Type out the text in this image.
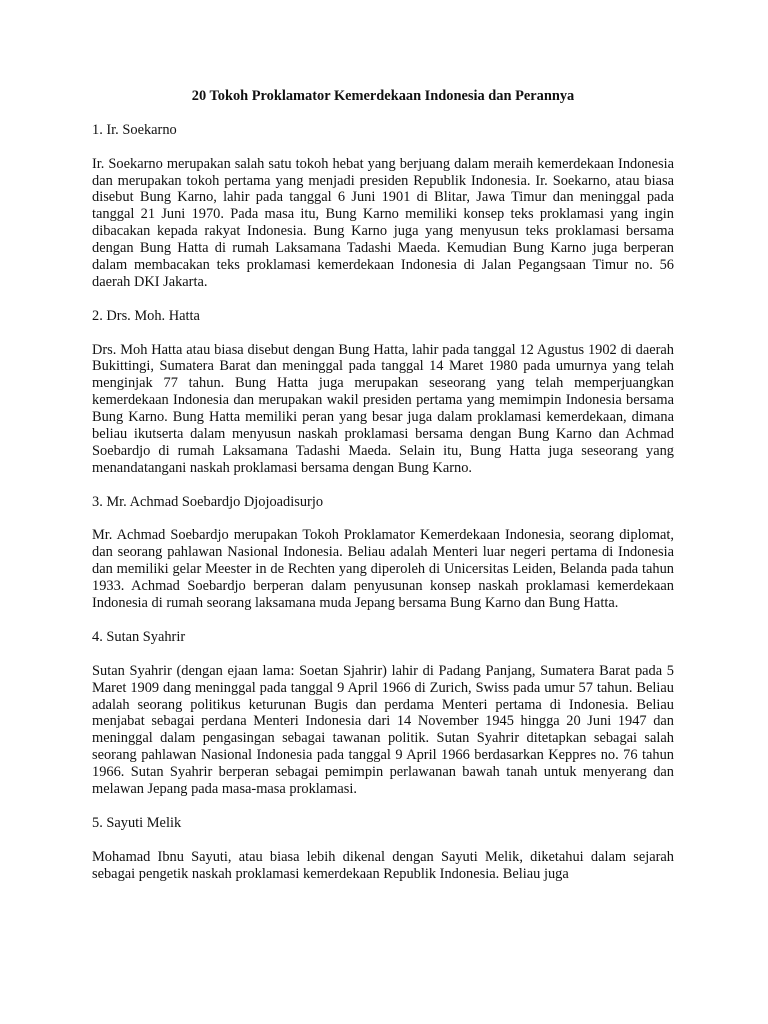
20 Tokoh Proklamator Kemerdekaan Indonesia dan Perannya
1. Ir. Soekarno
Ir. Soekarno merupakan salah satu tokoh hebat yang berjuang dalam meraih kemerdekaan Indonesia dan merupakan tokoh pertama yang menjadi presiden Republik Indonesia. Ir. Soekarno, atau biasa disebut Bung Karno, lahir pada tanggal 6 Juni 1901 di Blitar, Jawa Timur dan meninggal pada tanggal 21 Juni 1970. Pada masa itu, Bung Karno memiliki konsep teks proklamasi yang ingin dibacakan kepada rakyat Indonesia. Bung Karno juga yang menyusun teks proklamasi bersama dengan Bung Hatta di rumah Laksamana Tadashi Maeda. Kemudian Bung Karno juga berperan dalam membacakan teks proklamasi kemerdekaan Indonesia di Jalan Pegangsaan Timur no. 56 daerah DKI Jakarta.
2. Drs. Moh. Hatta
Drs. Moh Hatta atau biasa disebut dengan Bung Hatta, lahir pada tanggal 12 Agustus 1902 di daerah Bukittingi, Sumatera Barat dan meninggal pada tanggal 14 Maret 1980 pada umurnya yang telah menginjak 77 tahun. Bung Hatta juga merupakan seseorang yang telah memperjuangkan kemerdekaan Indonesia dan merupakan wakil presiden pertama yang memimpin Indonesia bersama Bung Karno. Bung Hatta memiliki peran yang besar juga dalam proklamasi kemerdekaan, dimana beliau ikutserta dalam menyusun naskah proklamasi bersama dengan Bung Karno dan Achmad Soebardjo di rumah Laksamana Tadashi Maeda. Selain itu, Bung Hatta juga seseorang yang menandatangani naskah proklamasi bersama dengan Bung Karno.
3. Mr. Achmad Soebardjo Djojoadisurjo
Mr. Achmad Soebardjo merupakan Tokoh Proklamator Kemerdekaan Indonesia, seorang diplomat, dan seorang pahlawan Nasional Indonesia. Beliau adalah Menteri luar negeri pertama di Indonesia dan memiliki gelar Meester in de Rechten yang diperoleh di Unicersitas Leiden, Belanda pada tahun 1933. Achmad Soebardjo berperan dalam penyusunan konsep naskah proklamasi kemerdekaan Indonesia di rumah seorang laksamana muda Jepang bersama Bung Karno dan Bung Hatta.
4. Sutan Syahrir
Sutan Syahrir (dengan ejaan lama: Soetan Sjahrir) lahir di Padang Panjang, Sumatera Barat pada 5 Maret 1909 dang meninggal pada tanggal 9 April 1966 di Zurich, Swiss pada umur 57 tahun. Beliau adalah seorang politikus keturunan Bugis dan perdama Menteri pertama di Indonesia. Beliau menjabat sebagai perdana Menteri Indonesia dari 14 November 1945 hingga 20 Juni 1947 dan meninggal dalam pengasingan sebagai tawanan politik. Sutan Syahrir ditetapkan sebagai salah seorang pahlawan Nasional Indonesia pada tanggal 9 April 1966 berdasarkan Keppres no. 76 tahun 1966. Sutan Syahrir berperan sebagai pemimpin perlawanan bawah tanah untuk menyerang dan melawan Jepang pada masa-masa proklamasi.
5. Sayuti Melik
Mohamad Ibnu Sayuti, atau biasa lebih dikenal dengan Sayuti Melik, diketahui dalam sejarah sebagai pengetik naskah proklamasi kemerdekaan Republik Indonesia. Beliau juga
